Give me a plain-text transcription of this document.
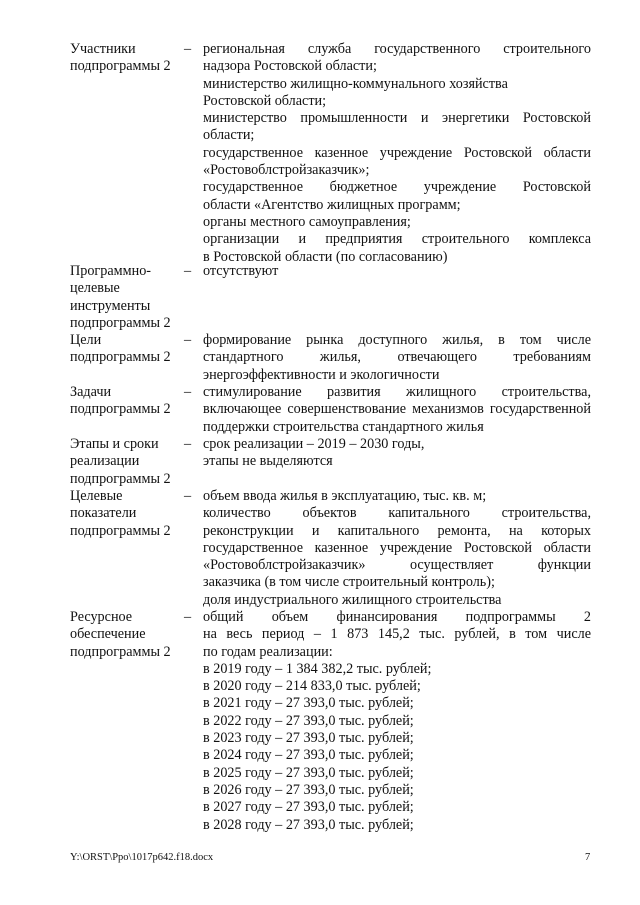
Участники
подпрограммы 2
– региональная служба государственного строительного
надзора Ростовской области;
министерство жилищно-коммунального хозяйства
Ростовской области;
министерство промышленности и энергетики Ростовской
области;
государственное казенное учреждение Ростовской области
«Ростовоблстройзаказчик»;
государственное бюджетное учреждение Ростовской
области «Агентство жилищных программ;
органы местного самоуправления;
организации и предприятия строительного комплекса
в Ростовской области (по согласованию)
Программно-
целевые
инструменты
подпрограммы 2
– отсутствуют
Цели
подпрограммы 2
– формирование рынка доступного жилья, в том числе
стандартного жилья, отвечающего требованиям
энергоэффективности и экологичности
Задачи
подпрограммы 2
– стимулирование развития жилищного строительства,
включающее совершенствование механизмов государственной
поддержки строительства стандартного жилья
Этапы и сроки
реализации
подпрограммы 2
– срок реализации – 2019 – 2030 годы,
этапы не выделяются
Целевые
показатели
подпрограммы 2
– объем ввода жилья в эксплуатацию, тыс. кв. м;
количество объектов капитального строительства,
реконструкции и капитального ремонта, на которых
государственное казенное учреждение Ростовской области
«Ростовоблстройзаказчик» осуществляет функции
заказчика (в том числе строительный контроль);
доля индустриального жилищного строительства
Ресурсное
обеспечение
подпрограммы 2
– общий объем финансирования подпрограммы 2
на весь период – 1 873 145,2 тыс. рублей, в том числе
по годам реализации:
в 2019 году – 1 384 382,2 тыс. рублей;
в 2020 году – 214 833,0 тыс. рублей;
в 2021 году – 27 393,0 тыс. рублей;
в 2022 году – 27 393,0 тыс. рублей;
в 2023 году – 27 393,0 тыс. рублей;
в 2024 году – 27 393,0 тыс. рублей;
в 2025 году – 27 393,0 тыс. рублей;
в 2026 году – 27 393,0 тыс. рублей;
в 2027 году – 27 393,0 тыс. рублей;
в 2028 году – 27 393,0 тыс. рублей;
Y:\ORST\Ppo\1017p642.f18.docx	7
